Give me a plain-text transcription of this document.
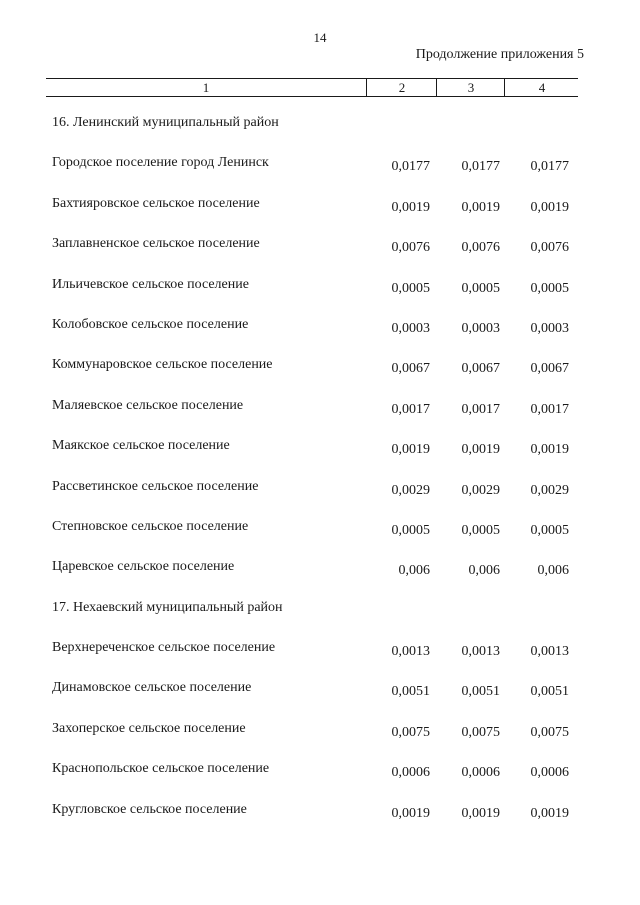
14
Продолжение приложения 5
1	2	3	4
16. Ленинский муниципальный район
Городское поселение город Ленинск	0,0177 0,0177 0,0177
Бахтияровское сельское поселение	0,0019 0,0019 0,0019
Заплавненское сельское поселение	0,0076 0,0076 0,0076
Ильичевское сельское поселение	0,0005 0,0005 0,0005
Колобовское сельское поселение	0,0003 0,0003 0,0003
Коммунаровское сельское поселение	0,0067 0,0067 0,0067
Маляевское сельское поселение	0,0017 0,0017 0,0017
Маякское сельское поселение	0,0019 0,0019 0,0019
Рассветинское сельское поселение	0,0029 0,0029 0,0029
Степновское сельское поселение	0,0005 0,0005 0,0005
Царевское сельское поселение	0,006	0,006	0,006
17. Нехаевский муниципальный район
Верхнереченское сельское поселение	0,0013 0,0013 0,0013
Динамовское сельское поселение	0,0051 0,0051 0,0051
Захоперское сельское поселение	0,0075 0,0075 0,0075
Краснопольское сельское поселение	0,0006 0,0006 0,0006
Кругловское сельское поселение	0,0019 0,0019 0,0019
